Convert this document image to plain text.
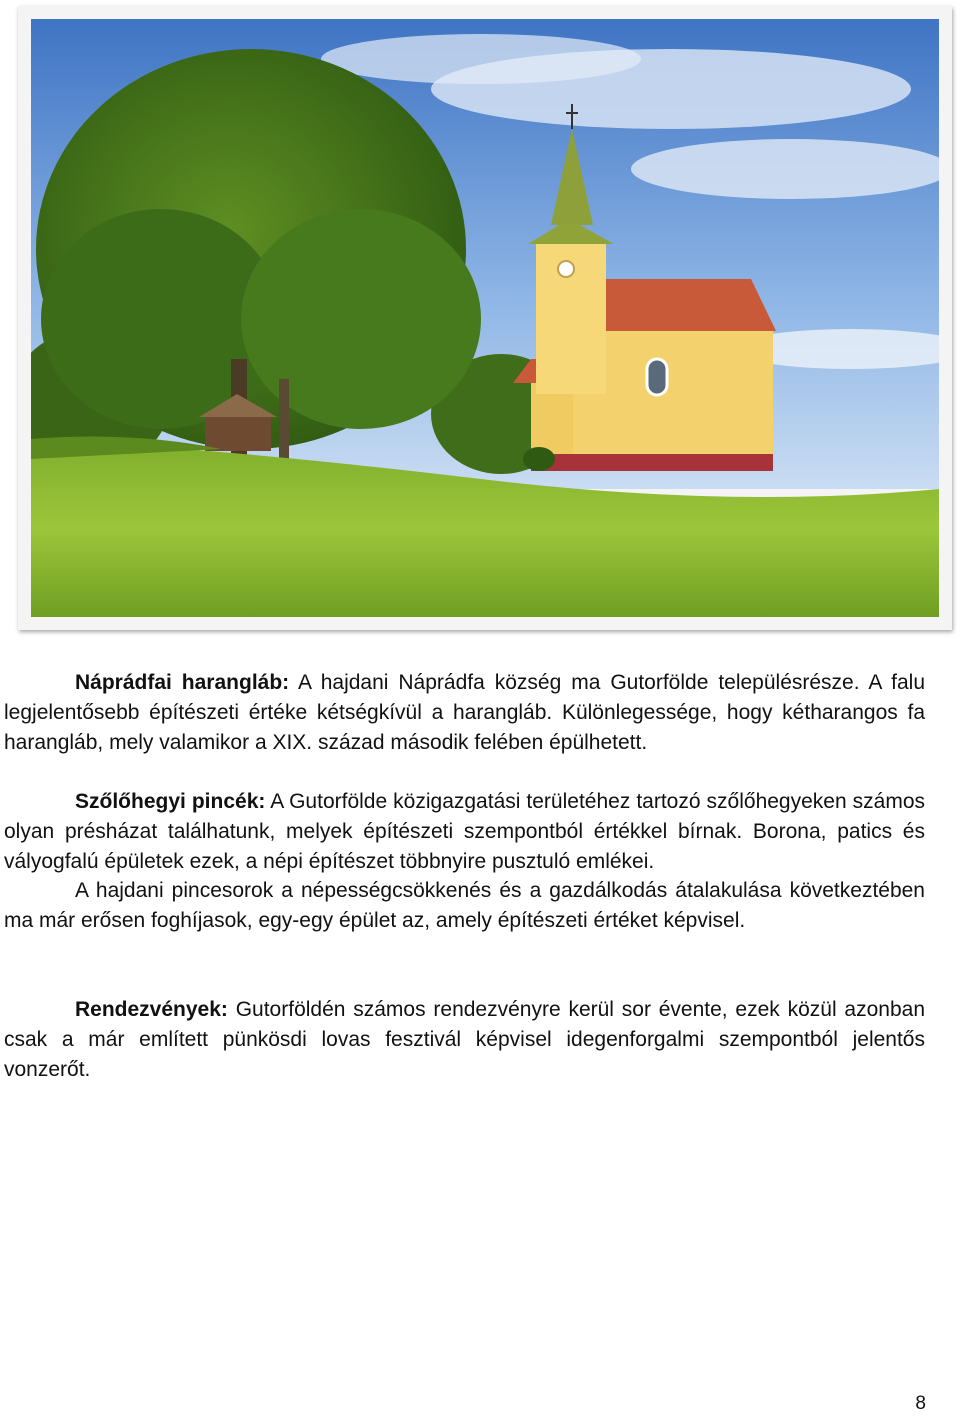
Náprádfai harangláb: A hajdani Náprádfa község ma Gutorfölde településrésze. A falu legjelentősebb építészeti értéke kétségkívül a harangláb. Különlegessége, hogy kétharangos fa harangláb, mely valamikor a XIX. század második felében épülhetett.

Szőlőhegyi pincék: A Gutorfölde közigazgatási területéhez tartozó szőlőhegyeken számos olyan présházat találhatunk, melyek építészeti szempontból értékkel bírnak. Borona, patics és vályogfalú épületek ezek, a népi építészet többnyire pusztuló emlékei.

A hajdani pincesorok a népességcsökkenés és a gazdálkodás átalakulása következtében ma már erősen foghíjasok, egy-egy épület az, amely építészeti értéket képvisel.

Rendezvények: Gutorföldén számos rendezvényre kerül sor évente, ezek közül azonban csak a már említett pünkösdi lovas fesztivál képvisel idegenforgalmi szempontból jelentős vonzerőt.

8
